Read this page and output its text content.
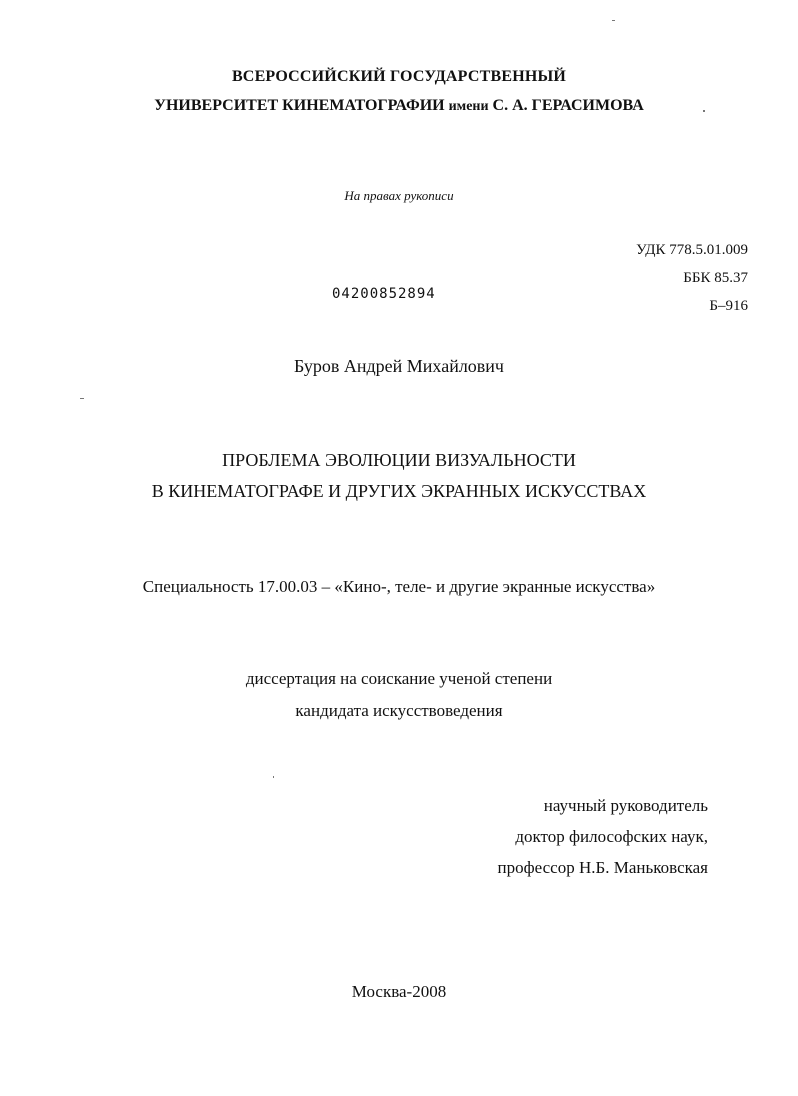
ВСЕРОССИЙСКИЙ ГОСУДАРСТВЕННЫЙ
УНИВЕРСИТЕТ КИНЕМАТОГРАФИИ имени С. А. ГЕРАСИМОВА
На правах рукописи
УДК 778.5.01.009
ББК 85.37
Б–916
04200852894
Буров Андрей Михайлович
ПРОБЛЕМА ЭВОЛЮЦИИ ВИЗУАЛЬНОСТИ
В КИНЕМАТОГРАФЕ И ДРУГИХ ЭКРАННЫХ ИСКУССТВАХ
Специальность 17.00.03 – «Кино-, теле- и другие экранные искусства»
диссертация на соискание ученой степени
кандидата искусствоведения
научный руководитель
доктор философских наук,
профессор Н.Б. Маньковская
Москва-2008
